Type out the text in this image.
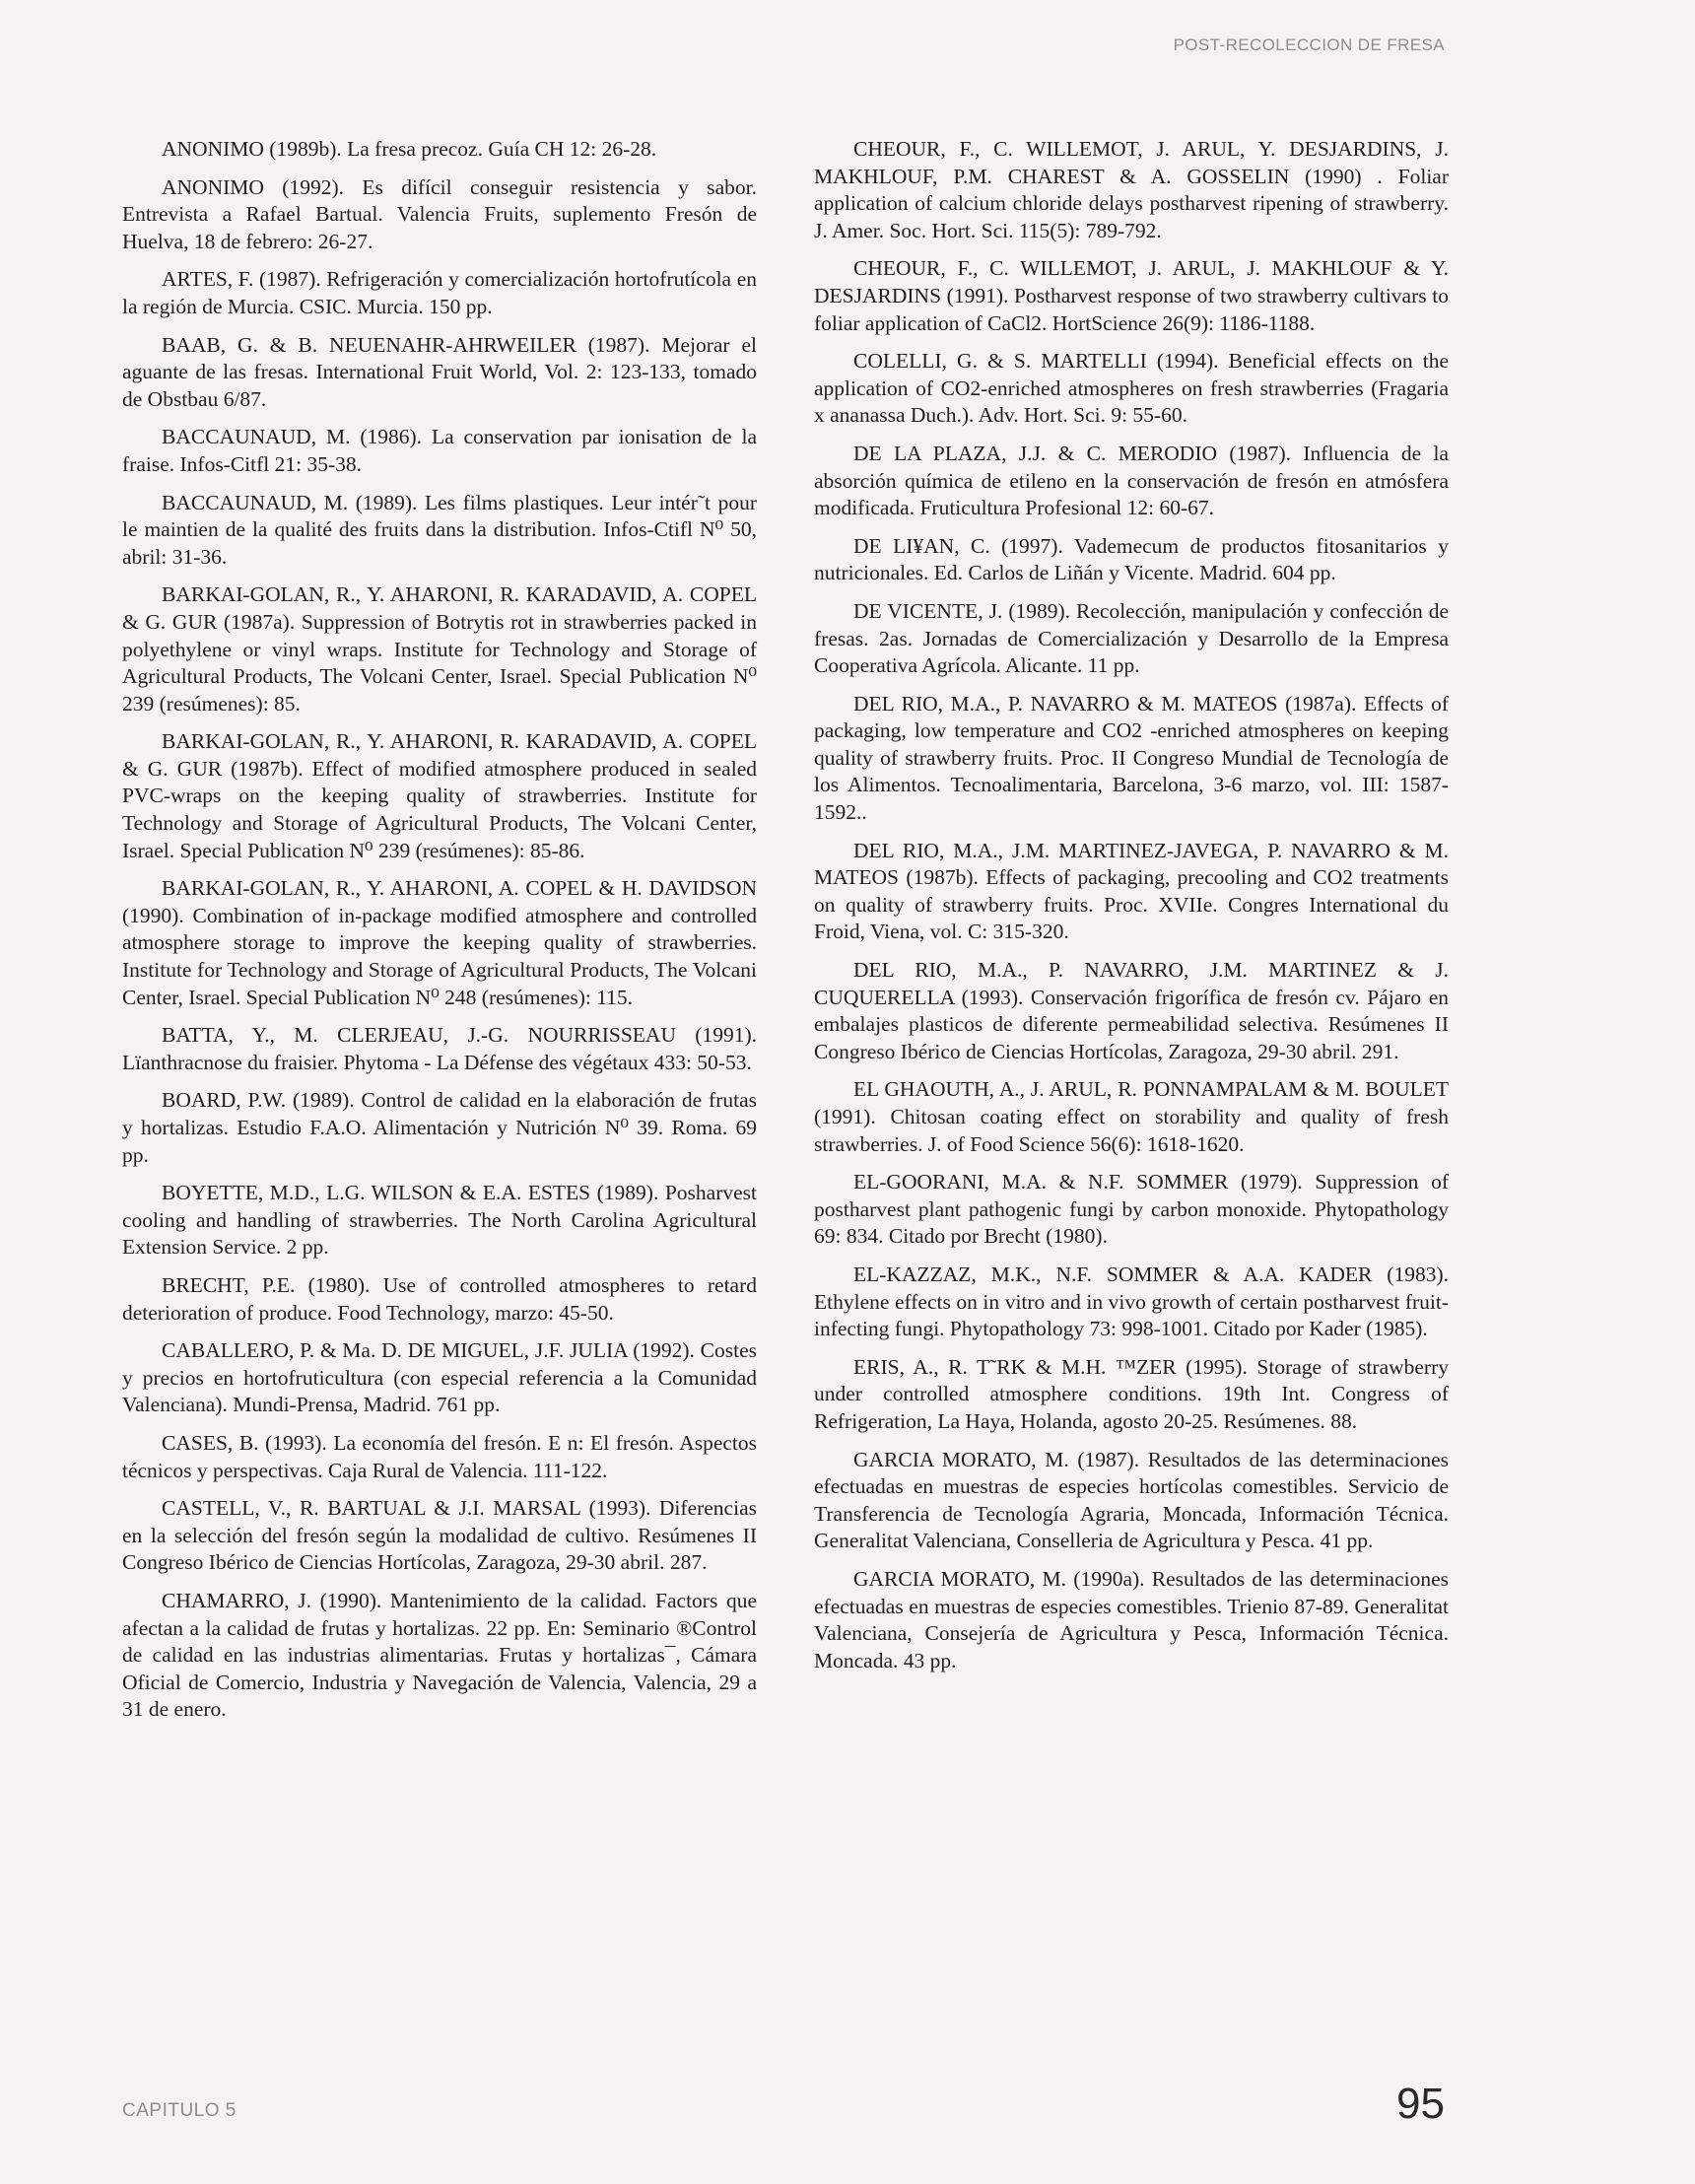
POST-RECOLECCION DE FRESA

ANONIMO (1989b). La fresa precoz. Guía CH 12: 26-28.

ANONIMO (1992). Es difícil conseguir resistencia y sabor. Entrevista a Rafael Bartual. Valencia Fruits, suplemento Fresón de Huelva, 18 de febrero: 26-27.

ARTES, F. (1987). Refrigeración y comercialización hortofrutícola en la región de Murcia. CSIC. Murcia. 150 pp.

BAAB, G. & B. NEUENAHR-AHRWEILER (1987). Mejorar el aguante de las fresas. International Fruit World, Vol. 2: 123-133, tomado de Obstbau 6/87.

BACCAUNAUD, M. (1986). La conservation par ionisation de la fraise. Infos-Citfl 21: 35-38.

BACCAUNAUD, M. (1989). Les films plastiques. Leur intér˜t pour le maintien de la qualité des fruits dans la distribution. Infos-Ctifl N⁰ 50, abril: 31-36.

BARKAI-GOLAN, R., Y. AHARONI, R. KARADAVID, A. COPEL & G. GUR (1987a). Suppression of Botrytis rot in strawberries packed in polyethylene or vinyl wraps. Institute for Technology and Storage of Agricultural Products, The Volcani Center, Israel. Special Publication N⁰ 239 (resúmenes): 85.

BARKAI-GOLAN, R., Y. AHARONI, R. KARADAVID, A. COPEL & G. GUR (1987b). Effect of modified atmosphere produced in sealed PVC-wraps on the keeping quality of strawberries. Institute for Technology and Storage of Agricultural Products, The Volcani Center, Israel. Special Publication N⁰ 239 (resúmenes): 85-86.

BARKAI-GOLAN, R., Y. AHARONI, A. COPEL & H. DAVIDSON (1990). Combination of in-package modified atmosphere and controlled atmosphere storage to improve the keeping quality of strawberries. Institute for Technology and Storage of Agricultural Products, The Volcani Center, Israel. Special Publication N⁰ 248 (resúmenes): 115.

BATTA, Y., M. CLERJEAU, J.-G. NOURRISSEAU (1991). Lïanthracnose du fraisier. Phytoma - La Défense des végétaux 433: 50-53.

BOARD, P.W. (1989). Control de calidad en la elaboración de frutas y hortalizas. Estudio F.A.O. Alimentación y Nutrición N⁰ 39. Roma. 69 pp.

BOYETTE, M.D., L.G. WILSON & E.A. ESTES (1989). Posharvest cooling and handling of strawberries. The North Carolina Agricultural Extension Service. 2 pp.

BRECHT, P.E. (1980). Use of controlled atmospheres to retard deterioration of produce. Food Technology, marzo: 45-50.

CABALLERO, P. & Ma. D. DE MIGUEL, J.F. JULIA (1992). Costes y precios en hortofruticultura (con especial referencia a la Comunidad Valenciana). Mundi-Prensa, Madrid. 761 pp.

CASES, B. (1993). La economía del fresón. E n: El fresón. Aspectos técnicos y perspectivas. Caja Rural de Valencia. 111-122.

CASTELL, V., R. BARTUAL & J.I. MARSAL (1993). Diferencias en la selección del fresón según la modalidad de cultivo. Resúmenes II Congreso Ibérico de Ciencias Hortícolas, Zaragoza, 29-30 abril. 287.

CHAMARRO, J. (1990). Mantenimiento de la calidad. Factors que afectan a la calidad de frutas y hortalizas. 22 pp. En: Seminario ®Control de calidad en las industrias alimentarias. Frutas y hortalizas¯, Cámara Oficial de Comercio, Industria y Navegación de Valencia, Valencia, 29 a 31 de enero.

CHEOUR, F., C. WILLEMOT, J. ARUL, Y. DESJARDINS, J. MAKHLOUF, P.M. CHAREST & A. GOSSELIN (1990) . Foliar application of calcium chloride delays postharvest ripening of strawberry. J. Amer. Soc. Hort. Sci. 115(5): 789-792.

CHEOUR, F., C. WILLEMOT, J. ARUL, J. MAKHLOUF & Y. DESJARDINS (1991). Postharvest response of two strawberry cultivars to foliar application of CaCl2. HortScience 26(9): 1186-1188.

COLELLI, G. & S. MARTELLI (1994). Beneficial effects on the application of CO2-enriched atmospheres on fresh strawberries (Fragaria x ananassa Duch.). Adv. Hort. Sci. 9: 55-60.

DE LA PLAZA, J.J. & C. MERODIO (1987). Influencia de la absorción química de etileno en la conservación de fresón en atmósfera modificada. Fruticultura Profesional 12: 60-67.

DE LI¥AN, C. (1997). Vademecum de productos fitosanitarios y nutricionales. Ed. Carlos de Liñán y Vicente. Madrid. 604 pp.

DE VICENTE, J. (1989). Recolección, manipulación y confección de fresas. 2as. Jornadas de Comercialización y Desarrollo de la Empresa Cooperativa Agrícola. Alicante. 11 pp.

DEL RIO, M.A., P. NAVARRO & M. MATEOS (1987a). Effects of packaging, low temperature and CO2 -enriched atmospheres on keeping quality of strawberry fruits. Proc. II Congreso Mundial de Tecnología de los Alimentos. Tecnoalimentaria, Barcelona, 3-6 marzo, vol. III: 1587-1592..

DEL RIO, M.A., J.M. MARTINEZ-JAVEGA, P. NAVARRO & M. MATEOS (1987b). Effects of packaging, precooling and CO2 treatments on quality of strawberry fruits. Proc. XVIIe. Congres International du Froid, Viena, vol. C: 315-320.

DEL RIO, M.A., P. NAVARRO, J.M. MARTINEZ & J. CUQUERELLA (1993). Conservación frigorífica de fresón cv. Pájaro en embalajes plasticos de diferente permeabilidad selectiva. Resúmenes II Congreso Ibérico de Ciencias Hortícolas, Zaragoza, 29-30 abril. 291.

EL GHAOUTH, A., J. ARUL, R. PONNAMPALAM & M. BOULET (1991). Chitosan coating effect on storability and quality of fresh strawberries. J. of Food Science 56(6): 1618-1620.

EL-GOORANI, M.A. & N.F. SOMMER (1979). Suppression of postharvest plant pathogenic fungi by carbon monoxide. Phytopathology 69: 834. Citado por Brecht (1980).

EL-KAZZAZ, M.K., N.F. SOMMER & A.A. KADER (1983). Ethylene effects on in vitro and in vivo growth of certain postharvest fruit-infecting fungi. Phytopathology 73: 998-1001. Citado por Kader (1985).

ERIS, A., R. T˜RK & M.H. ™ZER (1995). Storage of strawberry under controlled atmosphere conditions. 19th Int. Congress of Refrigeration, La Haya, Holanda, agosto 20-25. Resúmenes. 88.

GARCIA MORATO, M. (1987). Resultados de las determinaciones efectuadas en muestras de especies hortícolas comestibles. Servicio de Transferencia de Tecnología Agraria, Moncada, Información Técnica. Generalitat Valenciana, Conselleria de Agricultura y Pesca. 41 pp.

GARCIA MORATO, M. (1990a). Resultados de las determinaciones efectuadas en muestras de especies comestibles. Trienio 87-89. Generalitat Valenciana, Consejería de Agricultura y Pesca, Información Técnica. Moncada. 43 pp.

CAPITULO 5	95
